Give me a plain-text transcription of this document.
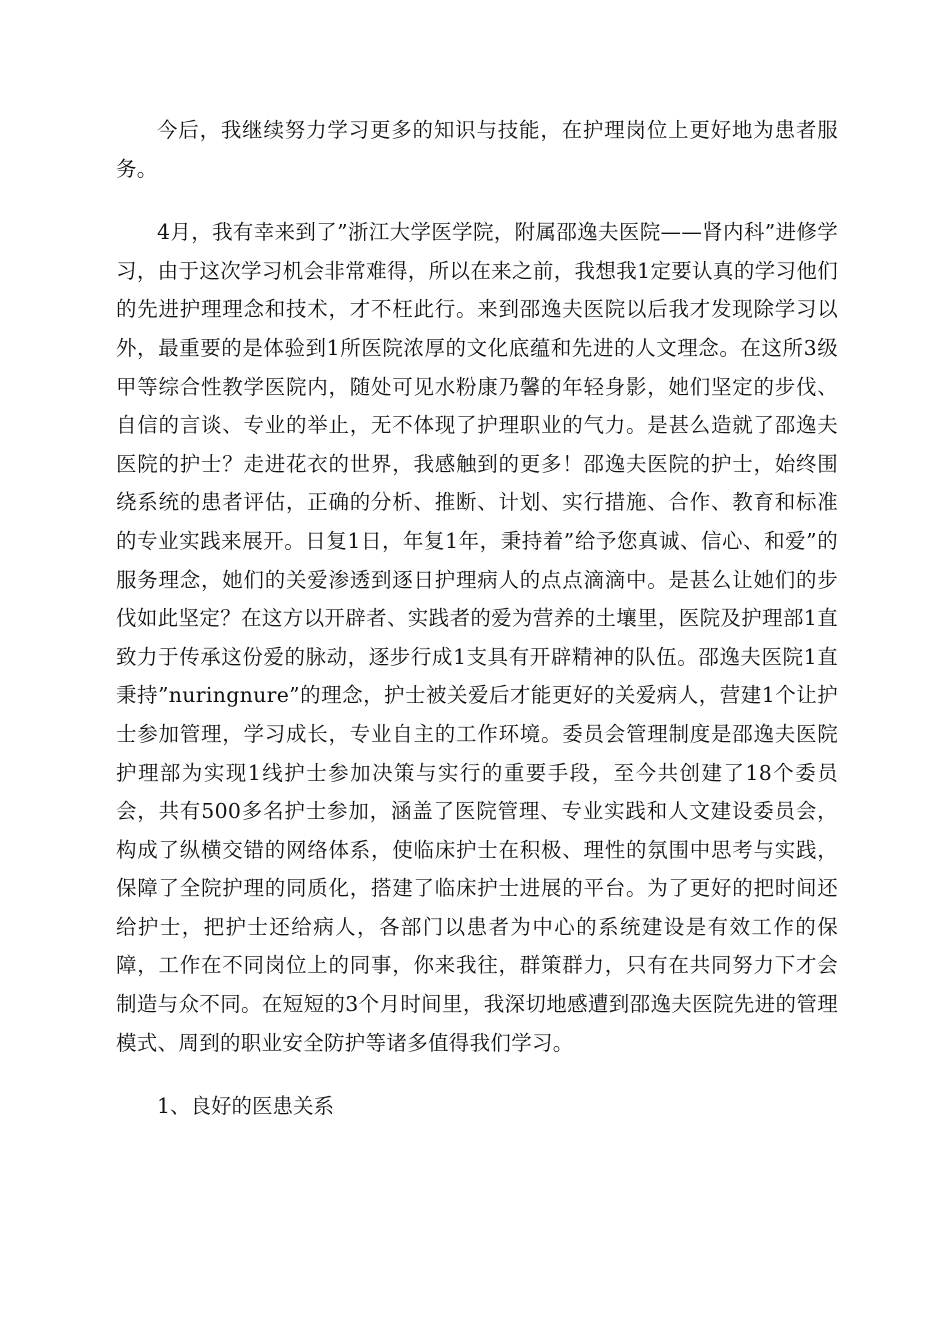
今后，我继续努力学习更多的知识与技能，在护理岗位上更好地为患者服务。

4月，我有幸来到了”浙江大学医学院，附属邵逸夫医院——肾内科”进修学习，由于这次学习机会非常难得，所以在来之前，我想我1定要认真的学习他们的先进护理理念和技术，才不枉此行。来到邵逸夫医院以后我才发现除学习以外，最重要的是体验到1所医院浓厚的文化底蕴和先进的人文理念。在这所3级甲等综合性教学医院内，随处可见水粉康乃馨的年轻身影，她们坚定的步伐、自信的言谈、专业的举止，无不体现了护理职业的气力。是甚么造就了邵逸夫医院的护士？走进花衣的世界，我感触到的更多！邵逸夫医院的护士，始终围绕系统的患者评估，正确的分析、推断、计划、实行措施、合作、教育和标准的专业实践来展开。日复1日，年复1年，秉持着”给予您真诚、信心、和爱”的服务理念，她们的关爱渗透到逐日护理病人的点点滴滴中。是甚么让她们的步伐如此坚定？在这方以开辟者、实践者的爱为营养的土壤里，医院及护理部1直致力于传承这份爱的脉动，逐步行成1支具有开辟精神的队伍。邵逸夫医院1直秉持”nuringnure”的理念，护士被关爱后才能更好的关爱病人，营建1个让护士参加管理，学习成长，专业自主的工作环境。委员会管理制度是邵逸夫医院护理部为实现1线护士参加决策与实行的重要手段，至今共创建了18个委员会，共有500多名护士参加，涵盖了医院管理、专业实践和人文建设委员会，构成了纵横交错的网络体系，使临床护士在积极、理性的氛围中思考与实践，保障了全院护理的同质化，搭建了临床护士进展的平台。为了更好的把时间还给护士，把护士还给病人，各部门以患者为中心的系统建设是有效工作的保障，工作在不同岗位上的同事，你来我往，群策群力，只有在共同努力下才会制造与众不同。在短短的3个月时间里，我深切地感遭到邵逸夫医院先进的管理模式、周到的职业安全防护等诸多值得我们学习。

1、良好的医患关系
